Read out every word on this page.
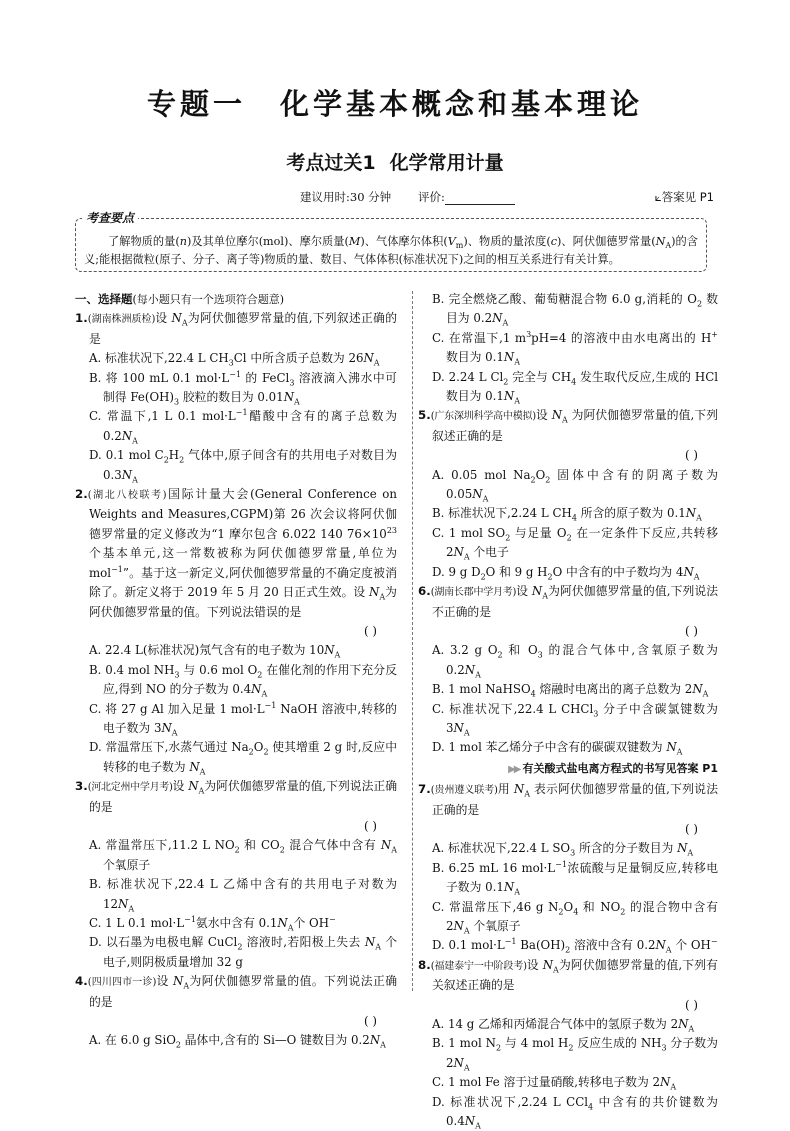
专题一 化学基本概念和基本理论
考点过关1 化学常用计量
建议用时:30 分钟 评价:	⟀答案见 P1
考查要点
了解物质的量(n)及其单位摩尔(mol)、摩尔质量(M)、气体摩尔体积$(V_m)$、物质的量浓度(c)、阿伏伽德罗常量$(N_A)$的含义;能根据微粒(原子、分子、离子等)物质的量、数目、气体体积(标准状况下)之间的相互关系进行有关计算。
一、选择题(每小题只有一个选项符合题意)
1.(湖南株洲质检)设 $N_A$为阿伏伽德罗常量的值,下列叙述正确的是
A. 标准状况下,22.4 L $CH_3Cl$ 中所含质子总数为 $26N_A$
B. 将 100 mL 0.1 $mol\cdot L^{-1}$ 的 FeCl$_3$ 溶液滴入沸水中可制得 $Fe(OH)_3$ 胶粒的数目为 $0.01N_A$
C. 常温下,1 L 0.1 $mol\cdot L^{-1}$醋酸中含有的离子总数为 $0.2N_A$
D. 0.1 mol $C_2H_2$ 气体中,原子间含有的共用电子对数目为 $0.3N_A$
2.(湖北八校联考)国际计量大会(General Conference on Weights and Measures,CGPM)第 26 次会议将阿伏伽德罗常量的定义修改为“1 摩尔包含 6.022 140 $76\times 10^{23}$个基本单元,这一常数被称为阿伏伽德罗常量,单位为 mol$^{-1}$”。基于这一新定义,阿伏伽德罗常量的不确定度被消除了。新定义将于 2019 年 5 月 20 日正式生效。设 $N_A$为阿伏伽德罗常量的值。下列说法错误的是
( )
A. 22.4 L(标准状况)氖气含有的电子数为 $10N_A$
B. 0.4 mol $NH_3$ 与 0.6 mol $O_2$ 在催化剂的作用下充分反应,得到 NO 的分子数为 $0.4N_A$
C. 将 27 g Al 加入足量 1 $mol\cdot L^{-1}$ NaOH 溶液中,转移的电子数为 $3N_A$
D. 常温常压下,水蒸气通过 $Na_2O_2$ 使其增重 2 g 时,反应中转移的电子数为 $N_A$
3.(河北定州中学月考)设 $N_A$为阿伏伽德罗常量的值,下列说法正确的是
( )
A. 常温常压下,11.2 L $NO_2$ 和 $CO_2$ 混合气体中含有 $N_A$ 个氧原子
B. 标准状况下,22.4 L 乙烯中含有的共用电子对数为 $12N_A$
C. 1 L 0.1 $mol\cdot L^{-1}$氨水中含有 $0.1N_A$个 OH−
D. 以石墨为电极电解 CuCl$_2$ 溶液时,若阳极上失去 $N_A$ 个电子,则阴极质量增加 32 g
4.(四川四市一诊)设 $N_A$为阿伏伽德罗常量的值。下列说法正确的是
( )
A. 在 6.0 g SiO$_2$ 晶体中,含有的 Si—O 键数目为 $0.2N_A$
B. 完全燃烧乙酸、葡萄糖混合物 6.0 g,消耗的 $O_2$ 数目为 $0.2N_A$
C. 在常温下,1 $m^3pH=4$ 的溶液中由水电离出的 H+ 数目为 $0.1N_A$
D. 2.24 L $Cl_2$ 完全与 $CH_4$ 发生取代反应,生成的 HCl 数目为 $0.1N_A$
5.(广东深圳科学高中模拟)设 $N_A$ 为阿伏伽德罗常量的值,下列叙述正确的是
( )
A. 0.05 mol $Na_2O_2$ 固体中含有的阴离子数为 $0.05N_A$
B. 标准状况下,2.24 L $CH_4$ 所含的原子数为 $0.1N_A$
C. 1 mol $SO_2$ 与足量 $O_2$ 在一定条件下反应,共转移 $2N_A$ 个电子
D. 9 g $D_2O$ 和 9 g $H_2O$ 中含有的中子数均为 $4N_A$
6.(湖南长郡中学月考)设 $N_A$为阿伏伽德罗常量的值,下列说法不正确的是
( )
A. 3.2 g $O_2$ 和 $O_3$ 的混合气体中,含氧原子数为 $0.2N_A$
B. 1 mol NaHSO$_4$ 熔融时电离出的离子总数为 $2N_A$
C. 标准状况下,22.4 L CHCl$_3$ 分子中含碳氯键数为 $3N_A$
D. 1 mol 苯乙烯分子中含有的碳碳双键数为 $N_A$
▶▶ 有关酸式盐电离方程式的书写见答案 P1
7.(贵州遵义联考)用 $N_A$ 表示阿伏伽德罗常量的值,下列说法正确的是
( )
A. 标准状况下,22.4 L $SO_3$ 所含的分子数目为 $N_A$
B. 6.25 mL 16 $mol\cdot L^{-1}$浓硫酸与足量铜反应,转移电子数为 $0.1N_A$
C. 常温常压下,46 g $N_2O_4$ 和 $NO_2$ 的混合物中含有 $2N_A$ 个氧原子
D. 0.1 $mol\cdot L^{-1}$ $Ba(OH)_2$ 溶液中含有 $0.2N_A$ 个 OH−
8.(福建泰宁一中阶段考)设 $N_A$为阿伏伽德罗常量的值,下列有关叙述正确的是
( )
A. 14 g 乙烯和丙烯混合气体中的氢原子数为 $2N_A$
B. 1 mol $N_2$ 与 4 mol $H_2$ 反应生成的 $NH_3$ 分子数为 $2N_A$
C. 1 mol Fe 溶于过量硝酸,转移电子数为 $2N_A$
D. 标准状况下,2.24 L CCl$_4$ 中含有的共价键数为 $0.4N_A$
